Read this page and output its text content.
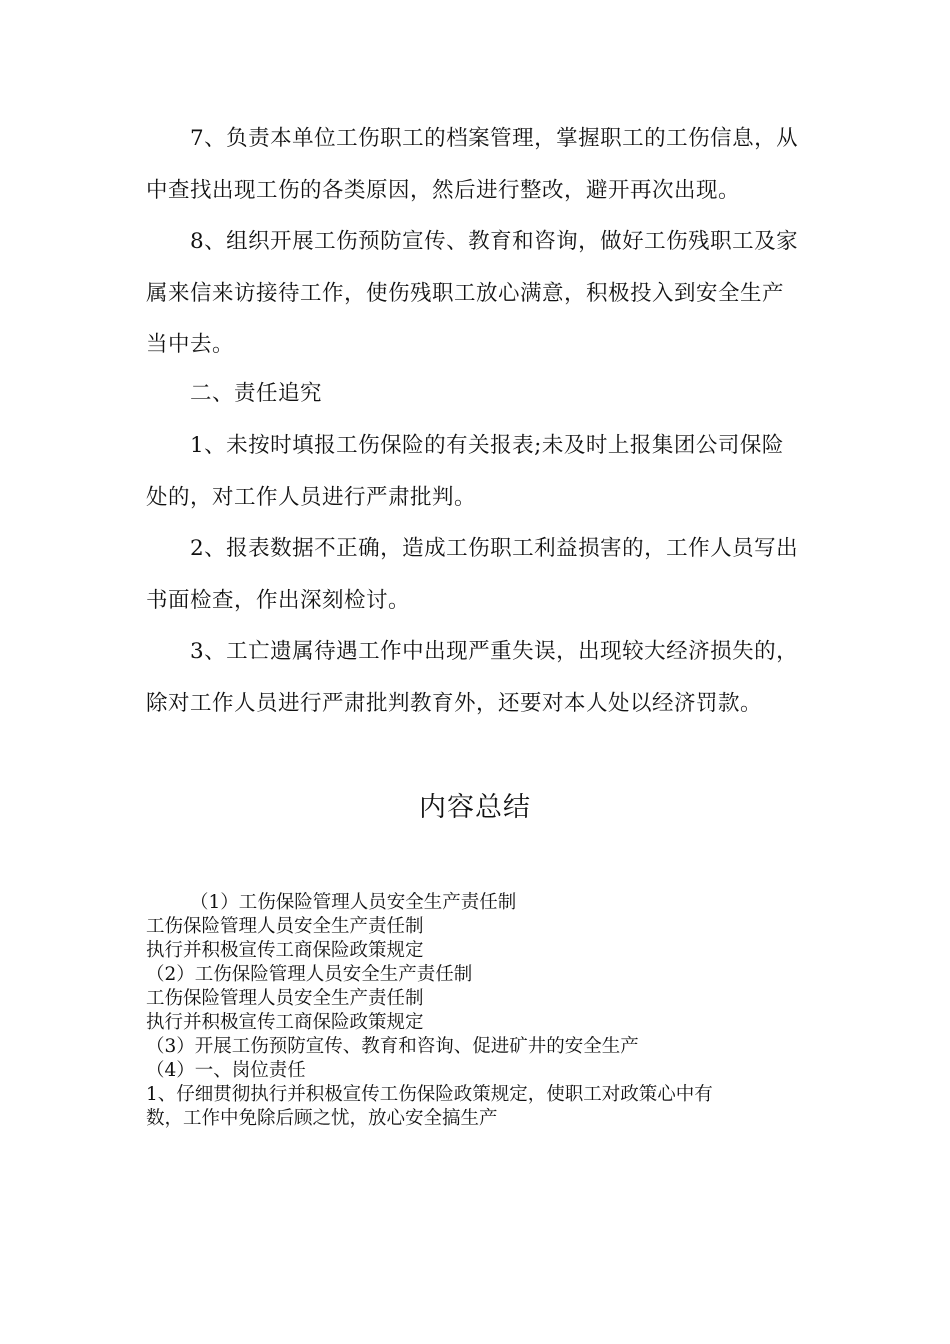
7、负责本单位工伤职工的档案管理，掌握职工的工伤信息，从

中查找出现工伤的各类原因，然后进行整改，避开再次出现。

8、组织开展工伤预防宣传、教育和咨询，做好工伤残职工及家

属来信来访接待工作，使伤残职工放心满意，积极投入到安全生产

当中去。

二、责任追究

1、未按时填报工伤保险的有关报表;未及时上报集团公司保险

处的，对工作人员进行严肃批判。

2、报表数据不正确，造成工伤职工利益损害的，工作人员写出

书面检查，作出深刻检讨。

3、工亡遗属待遇工作中出现严重失误，出现较大经济损失的，

除对工作人员进行严肃批判教育外，还要对本人处以经济罚款。

内容总结

（1）工伤保险管理人员安全生产责任制

工伤保险管理人员安全生产责任制

执行并积极宣传工商保险政策规定

（2）工伤保险管理人员安全生产责任制

工伤保险管理人员安全生产责任制

执行并积极宣传工商保险政策规定

（3）开展工伤预防宣传、教育和咨询、促进矿井的安全生产

（4）一、岗位责任

1、仔细贯彻执行并积极宣传工伤保险政策规定，使职工对政策心中有

数，工作中免除后顾之忧，放心安全搞生产
